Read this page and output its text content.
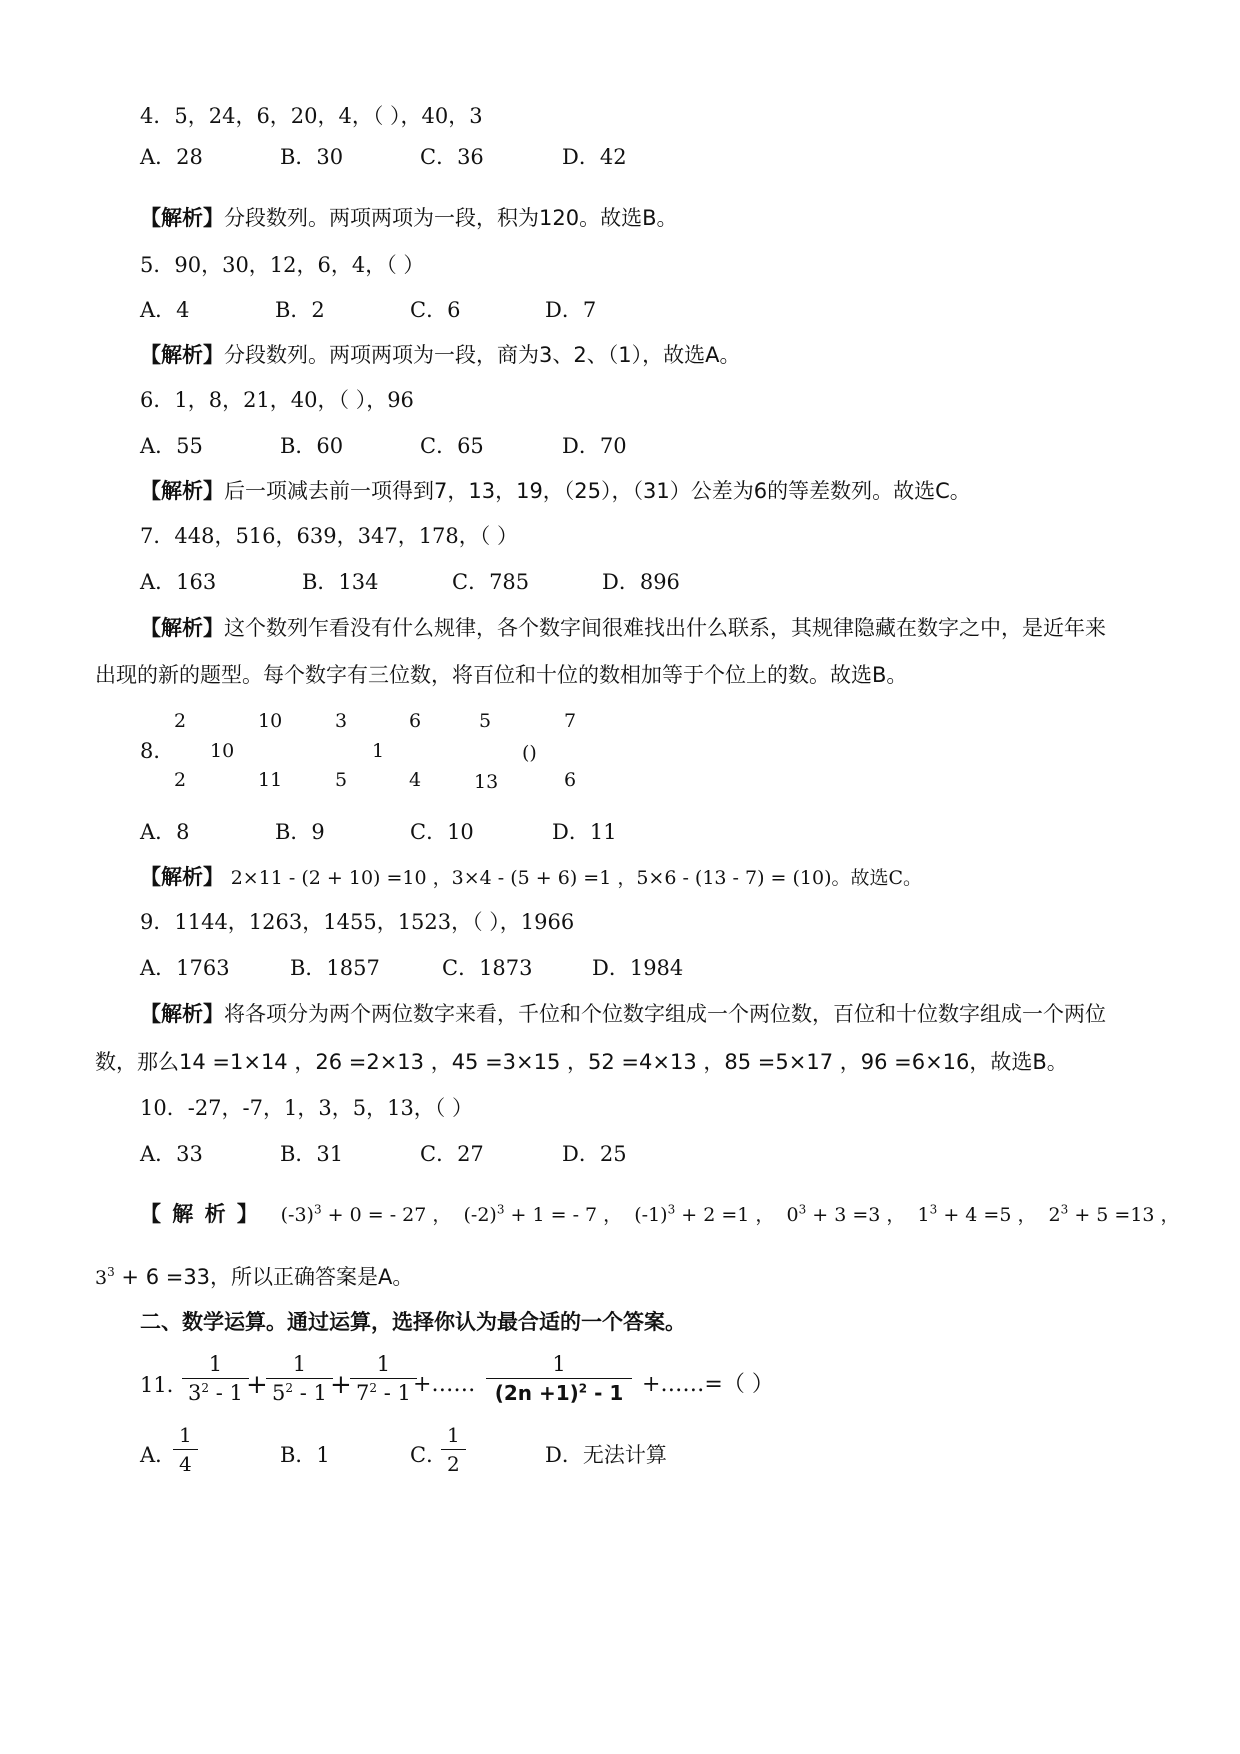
4．5，24，6，20，4，（ ），40，3
A．28	B．30	C．36	D．42
【解析】分段数列。两项两项为一段，积为120。故选B。
5．90，30，12，6，4，（ ）
A．4	B．2	C．6	D．7
【解析】分段数列。两项两项为一段，商为3、2、（1），故选A。
6．1，8，21，40，（ ），96
A．55	B．60	C．65	D．70
【解析】后一项减去前一项得到7，13，19，（25），（31）公差为6的等差数列。故选C。
7．448，516，639，347，178，（ ）
A．163	B．134	C．785	D．896
【解析】这个数列乍看没有什么规律，各个数字间很难找出什么联系，其规律隐藏在数字之中，是近年来
出现的新的题型。每个数字有三位数，将百位和十位的数相加等于个位上的数。故选B。
2	10	3	6	5	7
8． 10	1	()
2	11	5	4	13	6
A．8	B．9	C．10	D．11
【解析】 2×11 - (2 + 10) =10 ，3×4 - (5 + 6) =1 ，5×6 - (13 - 7) = (10)。故选C。
9．1144，1263，1455，1523，（ ），1966
A．1763	B．1857	C．1873	D．1984
【解析】将各项分为两个两位数字来看，千位和个位数字组成一个两位数，百位和十位数字组成一个两位
数，那么14 =1×14 ，26 =2×13 ，45 =3×15 ，52 =4×13 ，85 =5×17 ，96 =6×16，故选B。
10．-27，-7，1，3，5，13，（ ）
A．33	B．31	C．27	D．25
【 解 析 】 $(-3)^3 + 0$ = - 27 ， $(-2)^3 + 1$ = - 7 ， $(-1)^3 + 2 =1$ ， $0^3 + 3 =3$ ， $1^3 + 4 =5$ ， $2^3 + 5 =13$ ，
$3^3 + 6 =33$，所以正确答案是A。
二、数学运算。通过运算，选择你认为最合适的一个答案。
11．
1
$3^2 - 1$ +
1
$5^2 - 1$ +
1
$7^2 - 1$ +……
1
$(2n +1)^2 - 1$ +……=（ ）
A．
1
4	B．1	C．
1
2	D．无法计算
